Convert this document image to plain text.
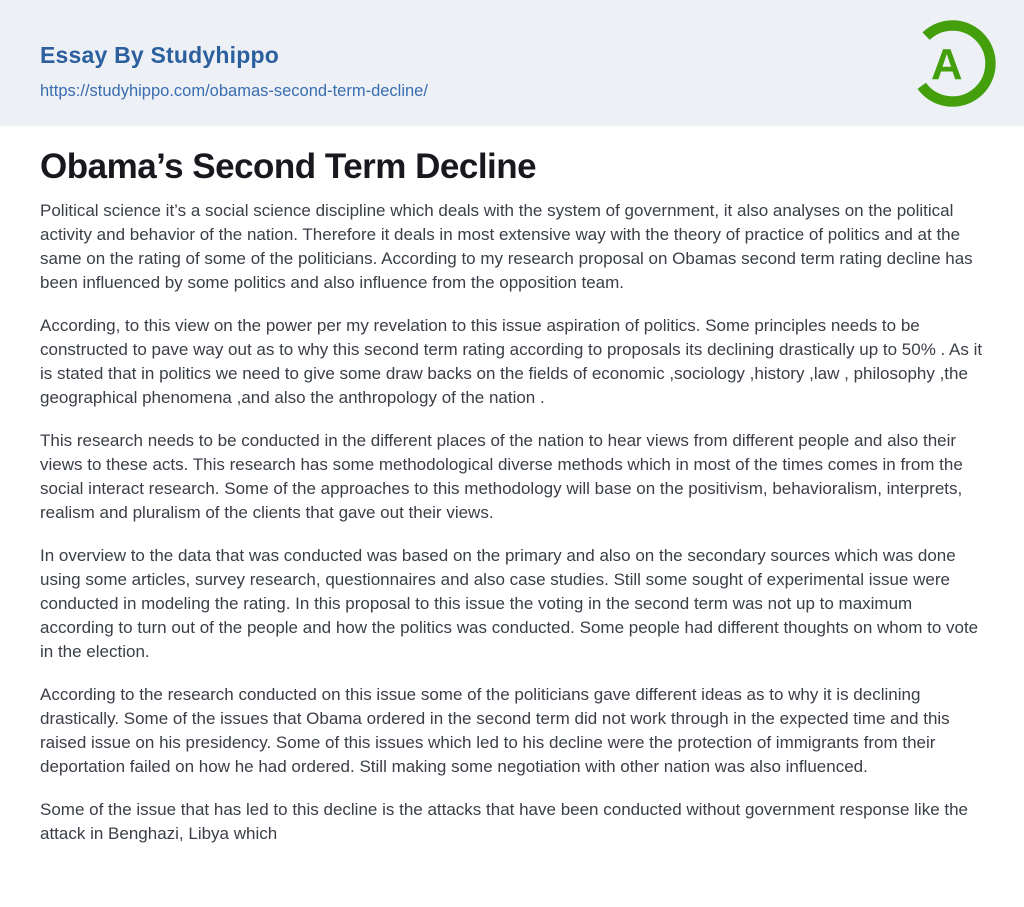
Essay By Studyhippo
https://studyhippo.com/obamas-second-term-decline/
A
Obama’s Second Term Decline

Political science it’s a social science discipline which deals with the system of government, it also analyses on the political activity and behavior of the nation. Therefore it deals in most extensive way with the theory of practice of politics and at the same on the rating of some of the politicians. According to my research proposal on Obamas second term rating decline has been influenced by some politics and also influence from the opposition team.

According, to this view on the power per my revelation to this issue aspiration of politics. Some principles needs to be constructed to pave way out as to why this second term rating according to proposals its declining drastically up to 50% . As it is stated that in politics we need to give some draw backs on the fields of economic ,sociology ,history ,law , philosophy ,the geographical phenomena ,and also the anthropology of the nation .

This research needs to be conducted in the different places of the nation to hear views from different people and also their views to these acts. This research has some methodological diverse methods which in most of the times comes in from the social interact research. Some of the approaches to this methodology will base on the positivism, behavioralism, interprets, realism and pluralism of the clients that gave out their views.

In overview to the data that was conducted was based on the primary and also on the secondary sources which was done using some articles, survey research, questionnaires and also case studies. Still some sought of experimental issue were conducted in modeling the rating. In this proposal to this issue the voting in the second term was not up to maximum according to turn out of the people and how the politics was conducted. Some people had different thoughts on whom to vote in the election.

According to the research conducted on this issue some of the politicians gave different ideas as to why it is declining drastically. Some of the issues that Obama ordered in the second term did not work through in the expected time and this raised issue on his presidency. Some of this issues which led to his decline were the protection of immigrants from their deportation failed on how he had ordered. Still making some negotiation with other nation was also influenced.

Some of the issue that has led to this decline is the attacks that have been conducted without government response like the attack in Benghazi, Libya which
